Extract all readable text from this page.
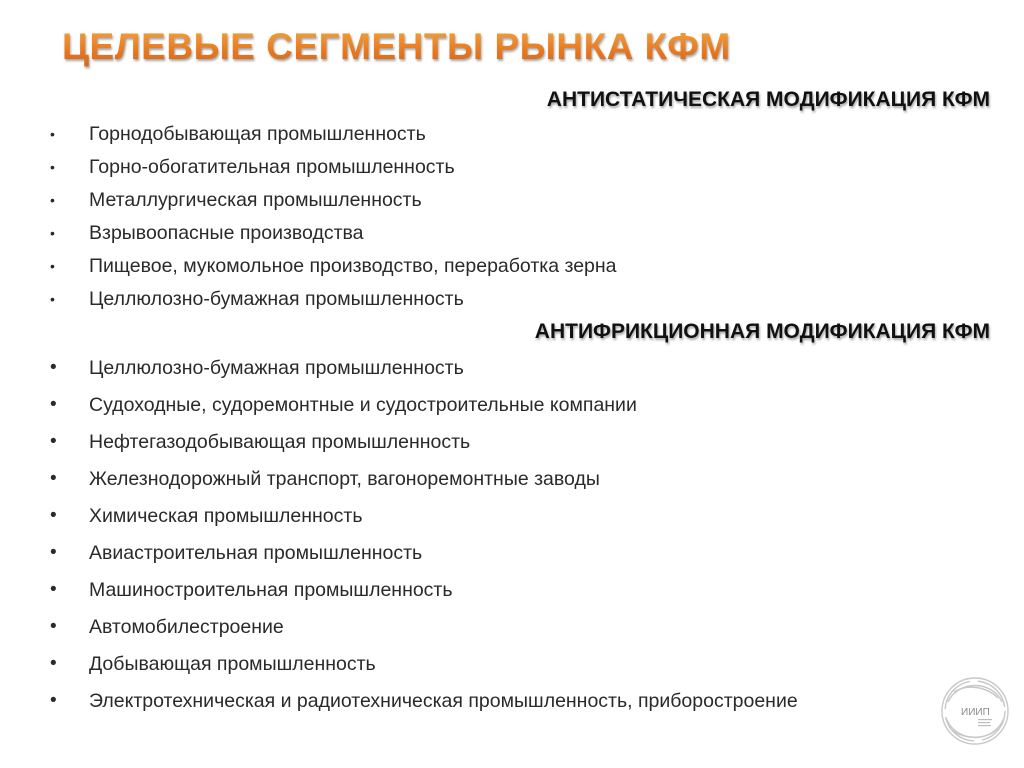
ЦЕЛЕВЫЕ СЕГМЕНТЫ РЫНКА КФМ
АНТИСТАТИЧЕСКАЯ МОДИФИКАЦИЯ КФМ
• Горнодобывающая промышленность
• Горно-обогатительная промышленность
• Металлургическая промышленность
• Взрывоопасные производства
• Пищевое, мукомольное производство, переработка зерна
• Целлюлозно-бумажная промышленность
АНТИФРИКЦИОННАЯ МОДИФИКАЦИЯ КФМ
• Целлюлозно-бумажная промышленность
• Судоходные, судоремонтные и судостроительные компании
• Нефтегазодобывающая промышленность
• Железнодорожный транспорт, вагоноремонтные заводы
• Химическая промышленность
• Авиастроительная промышленность
• Машиностроительная промышленность
• Автомобилестроение
• Добывающая промышленность
• Электротехническая и радиотехническая промышленность, приборостроение
ИИИП
